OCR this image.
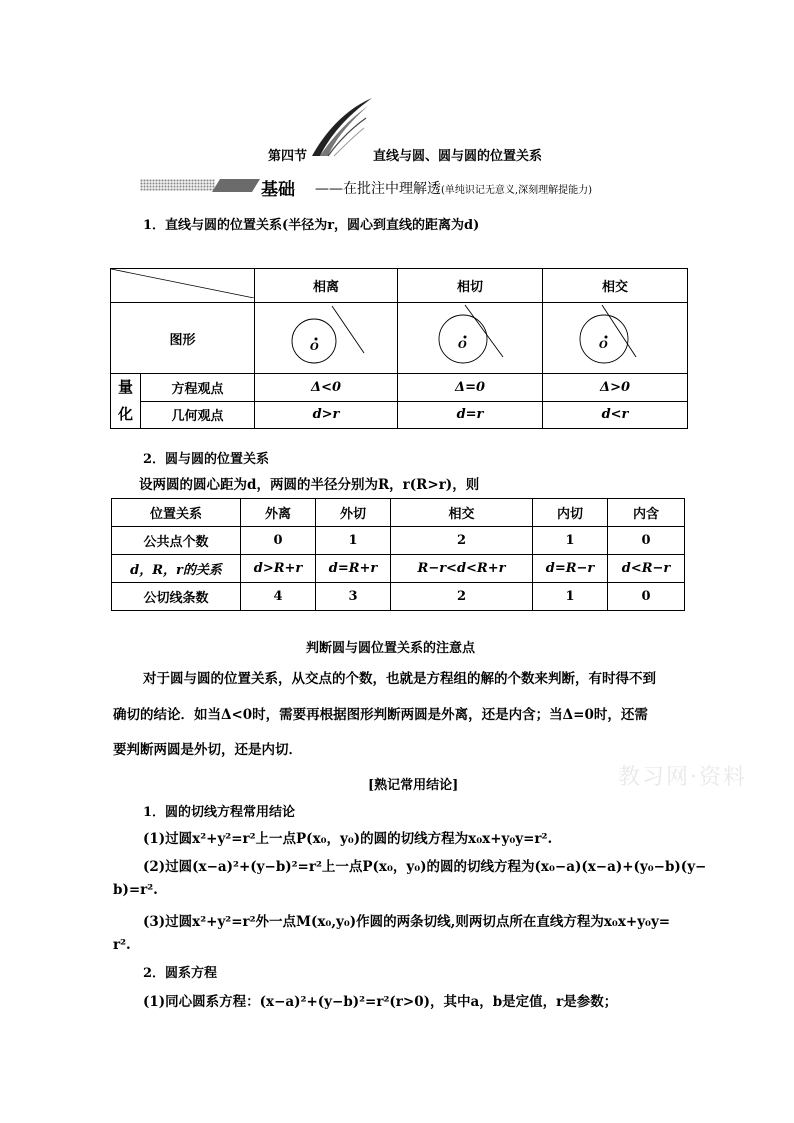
第四节	直线与圆、圆与圆的位置关系
基础 ——在批注中理解透(单纯识记无意义,深刻理解提能力)
1．直线与圆的位置关系(半径为r，圆心到直线的距离为d)
	相离	相切	相交
图形		O	O	O

量
化	方程观点	Δ<0	Δ=0	Δ>0
	几何观点	d>r	d=r	d<r
2．圆与圆的位置关系
设两圆的圆心距为d，两圆的半径分别为R，r(R>r)，则
位置关系	外离	外切	相交	内切	内含
公共点个数	0	1	2	1	0
d，R，r的关系	d>R+r	d=R+r	R−r<d<R+r	d=R−r	d<R−r
公切线条数	4	3	2	1	0
判断圆与圆位置关系的注意点
对于圆与圆的位置关系，从交点的个数，也就是方程组的解的个数来判断，有时得不到
确切的结论．如当Δ<0时，需要再根据图形判断两圆是外离，还是内含；当Δ=0时，还需
要判断两圆是外切，还是内切．
教习网·资料
[熟记常用结论]
1．圆的切线方程常用结论
(1)过圆x²+y²=r²上一点P(x₀，y₀)的圆的切线方程为x₀x+y₀y=r².
(2)过圆(x−a)²+(y−b)²=r²上一点P(x₀，y₀)的圆的切线方程为(x₀−a)(x−a)+(y₀−b)(y−
b)=r².
(3)过圆x²+y²=r²外一点M(x₀,y₀)作圆的两条切线,则两切点所在直线方程为x₀x+y₀y=
r².
2．圆系方程
(1)同心圆系方程：(x−a)²+(y−b)²=r²(r>0)，其中a，b是定值，r是参数；
